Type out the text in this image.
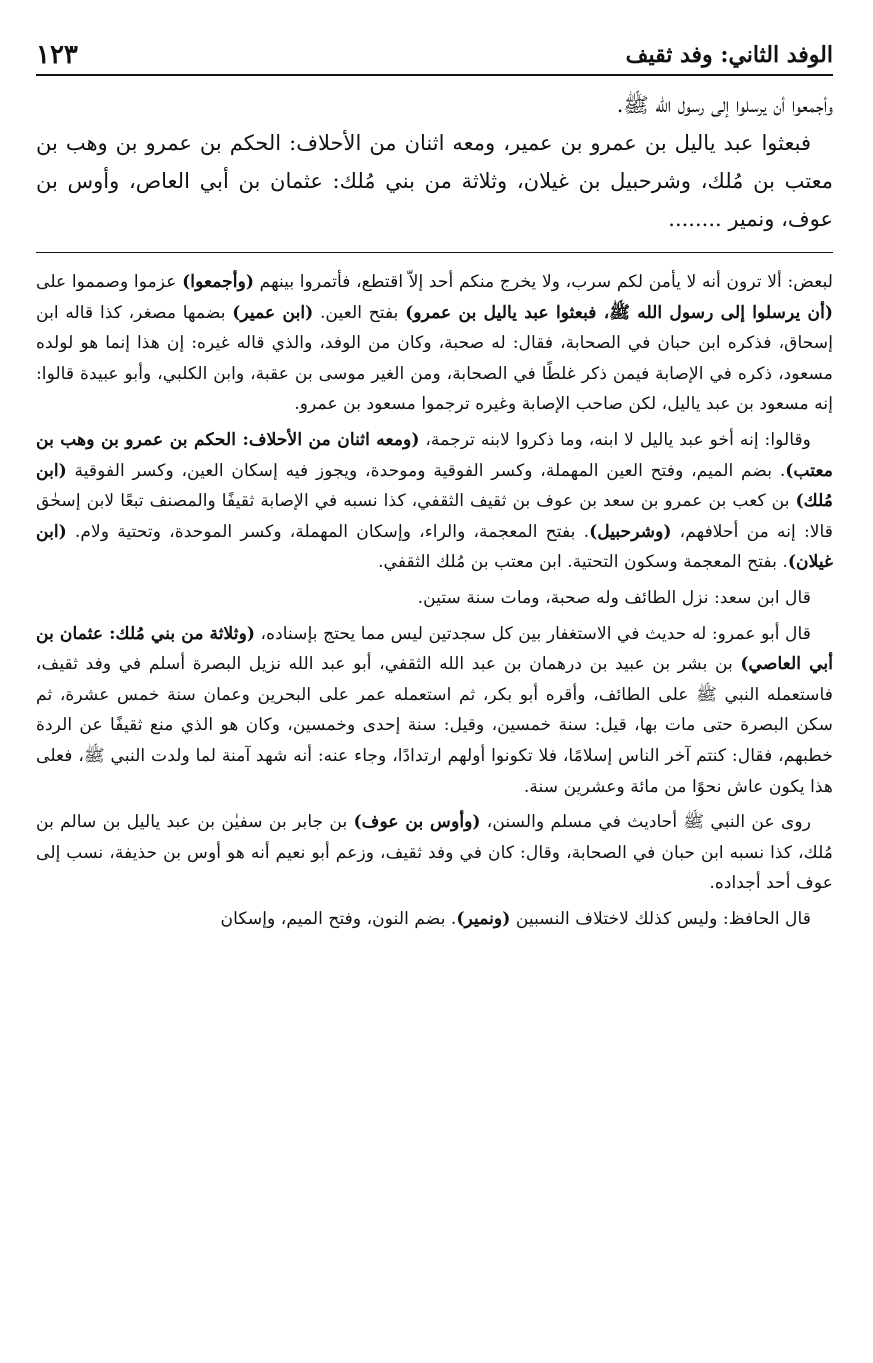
الوفد الثاني: وفد ثقيف
١٢٣

وأجمعوا أن يرسلوا إلى رسول الله ﷺ.

فبعثوا عبد ياليل بن عمرو بن عمير، ومعه اثنان من الأحلاف: الحكم بن عمرو بن وهب بن معتب بن مُلك، وشرحبيل بن غيلان، وثلاثة من بني مُلك: عثمان بن أبي العاص، وأوس بن عوف، ونمير ........

لبعض: ألا ترون أنه لا يأمن لكم سرب، ولا يخرج منكم أحد إلاّ اقتطع، فأتمروا بينهم (وأجمعوا) عزموا وصمموا على (أن يرسلوا إلى رسول الله ﷺ، فبعثوا عبد ياليل بن عمرو) بفتح العين. (ابن عمير) بضمها مصغر، كذا قاله ابن إسحاق، فذكره ابن حبان في الصحابة، فقال: له صحبة، وكان من الوفد، والذي قاله غيره: إن هذا إنما هو لولده مسعود، ذكره في الإصابة فيمن ذكر غلطًا في الصحابة، ومن الغير موسى بن عقبة، وابن الكلبي، وأبو عبيدة قالوا: إنه مسعود بن عبد ياليل، لكن صاحب الإصابة وغيره ترجموا مسعود بن عمرو.

وقالوا: إنه أخو عبد ياليل لا ابنه، وما ذكروا لابنه ترجمة، (ومعه اثنان من الأحلاف: الحكم بن عمرو بن وهب بن معتب). بضم الميم، وفتح العين المهملة، وكسر الفوقية وموحدة، ويجوز فيه إسكان العين، وكسر الفوقية (ابن مُلك) بن كعب بن عمرو بن سعد بن عوف بن ثقيف الثقفي، كذا نسبه في الإصابة ثقيفًا والمصنف تبعًا لابن إسحٰق قالا: إنه من أحلافهم، (وشرحبيل). بفتح المعجمة، والراء، وإسكان المهملة، وكسر الموحدة، وتحتية ولام. (ابن غيلان). بفتح المعجمة وسكون التحتية. ابن معتب بن مُلك الثقفي.

قال ابن سعد: نزل الطائف وله صحبة، ومات سنة ستين.

قال أبو عمرو: له حديث في الاستغفار بين كل سجدتين ليس مما يحتج بإسناده، (وثلاثة من بني مُلك: عثمان بن أبي العاصي) بن بشر بن عبيد بن درهمان بن عبد الله الثقفي، أبو عبد الله نزيل البصرة أسلم في وفد ثقيف، فاستعمله النبي ﷺ على الطائف، وأقره أبو بكر، ثم استعمله عمر على البحرين وعمان سنة خمس عشرة، ثم سكن البصرة حتى مات بها، قيل: سنة خمسين، وقيل: سنة إحدى وخمسين، وكان هو الذي منع ثقيفًا عن الردة خطبهم، فقال: كنتم آخر الناس إسلامًا، فلا تكونوا أولهم ارتدادًا، وجاء عنه: أنه شهد آمنة لما ولدت النبي ﷺ، فعلى هذا يكون عاش نحوًا من مائة وعشرين سنة.

روى عن النبي ﷺ أحاديث في مسلم والسنن، (وأوس بن عوف) بن جابر بن سفيٰن بن عبد ياليل بن سالم بن مُلك، كذا نسبه ابن حبان في الصحابة، وقال: كان في وفد ثقيف، وزعم أبو نعيم أنه هو أوس بن حذيفة، نسب إلى عوف أحد أجداده.

قال الحافظ: وليس كذلك لاختلاف النسبين (ونمير). بضم النون، وفتح الميم، وإسكان
